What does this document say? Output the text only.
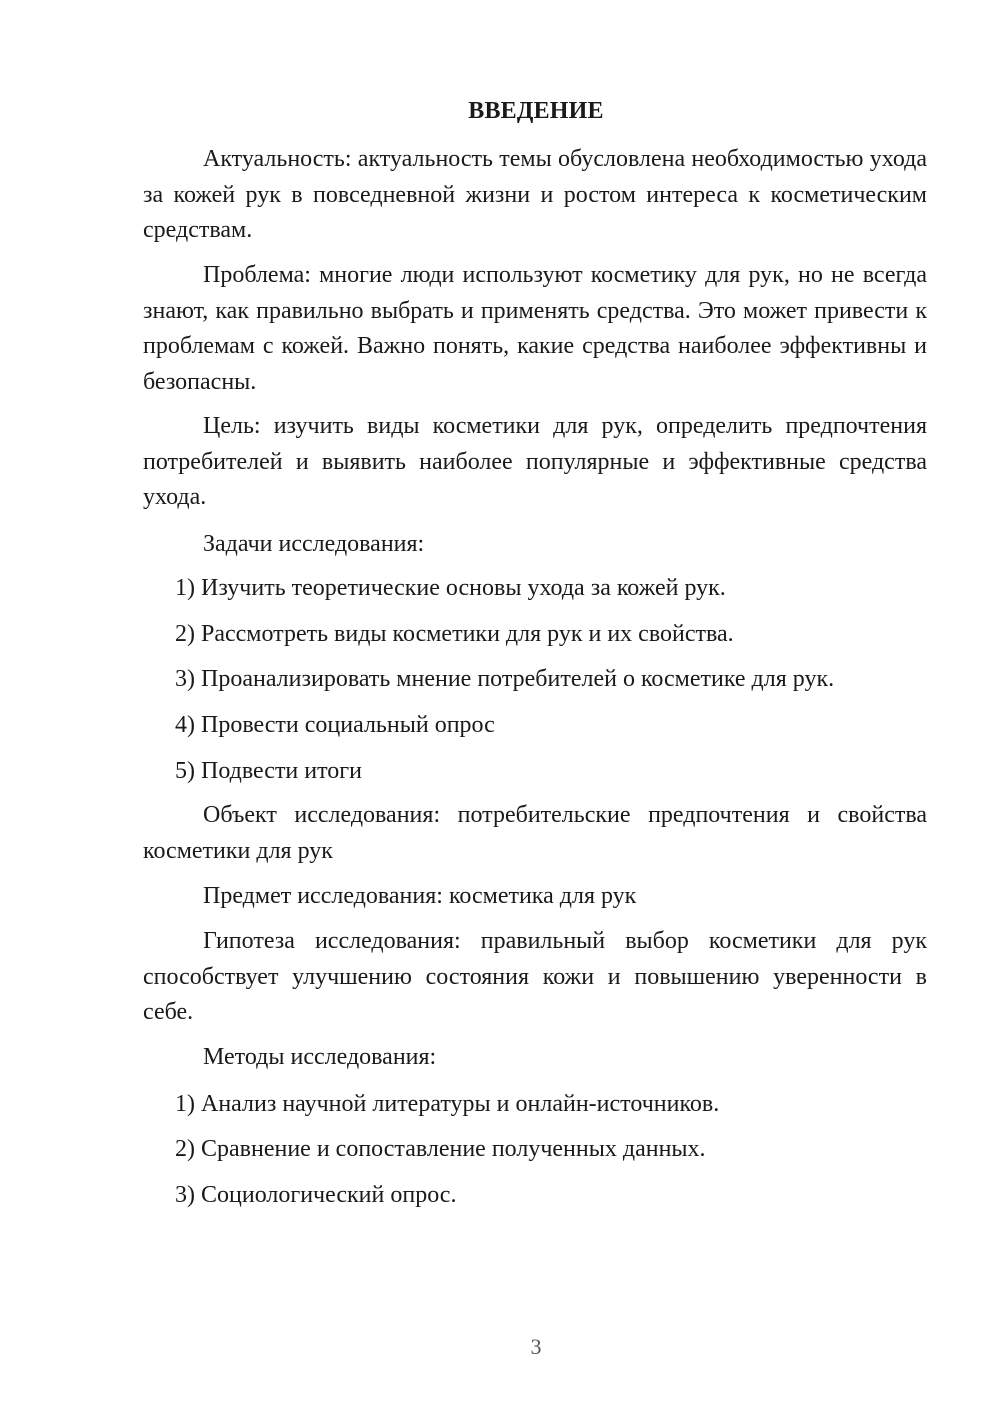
ВВЕДЕНИЕ

Актуальность: актуальность темы обусловлена необходимостью ухода за кожей рук в повседневной жизни и ростом интереса к косметическим средствам.

Проблема: многие люди используют косметику для рук, но не всегда знают, как правильно выбрать и применять средства. Это может привести к проблемам с кожей. Важно понять, какие средства наиболее эффективны и безопасны.

Цель: изучить виды косметики для рук, определить предпочтения потребителей и выявить наиболее популярные и эффективные средства ухода.

Задачи исследования:

1) Изучить теоретические основы ухода за кожей рук.

2) Рассмотреть виды косметики для рук и их свойства.

3) Проанализировать мнение потребителей о косметике для рук.

4) Провести социальный опрос

5) Подвести итоги

Объект исследования: потребительские предпочтения и свойства косметики для рук

Предмет исследования: косметика для рук

Гипотеза исследования: правильный выбор косметики для рук способствует улучшению состояния кожи и повышению уверенности в себе.

Методы исследования:

1) Анализ научной литературы и онлайн-источников.

2) Сравнение и сопоставление полученных данных.

3) Социологический опрос.

3
